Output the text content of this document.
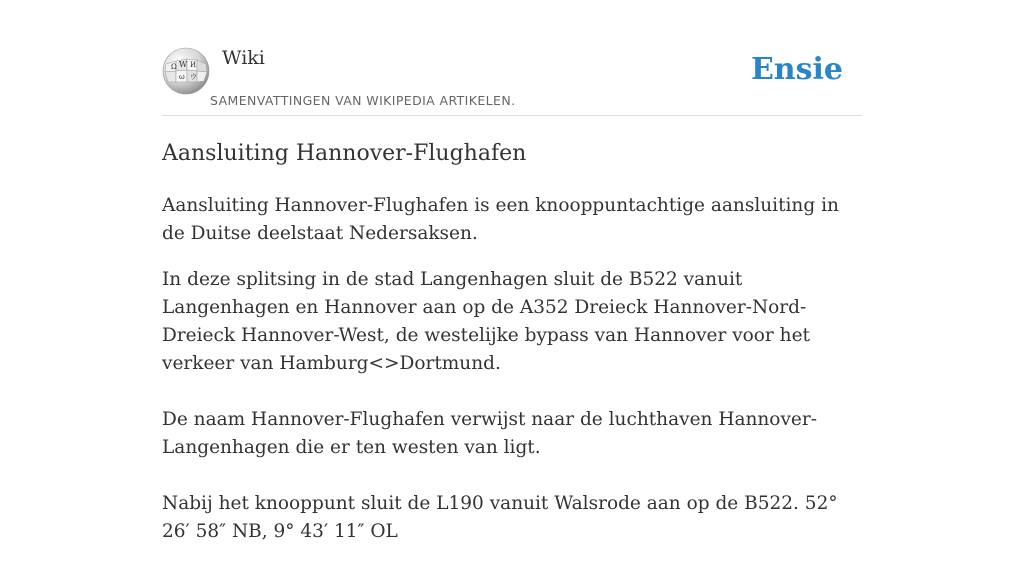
Ω W И
ω ウ
Wiki
SAMENVATTINGEN VAN WIKIPEDIA ARTIKELEN.
Ensie
Aansluiting Hannover-Flughafen

Aansluiting Hannover-Flughafen is een knooppuntachtige aansluiting in de Duitse deelstaat Nedersaksen.

In deze splitsing in de stad Langenhagen sluit de B522 vanuit Langenhagen en Hannover aan op de A352 Dreieck Hannover-Nord-Dreieck Hannover-West, de westelijke bypass van Hannover voor het verkeer van Hamburg<>Dortmund.

De naam Hannover-Flughafen verwijst naar de luchthaven Hannover-Langenhagen die er ten westen van ligt.

Nabij het knooppunt sluit de L190 vanuit Walsrode aan op de B522. 52° 26′ 58″ NB, 9° 43′ 11″ OL
